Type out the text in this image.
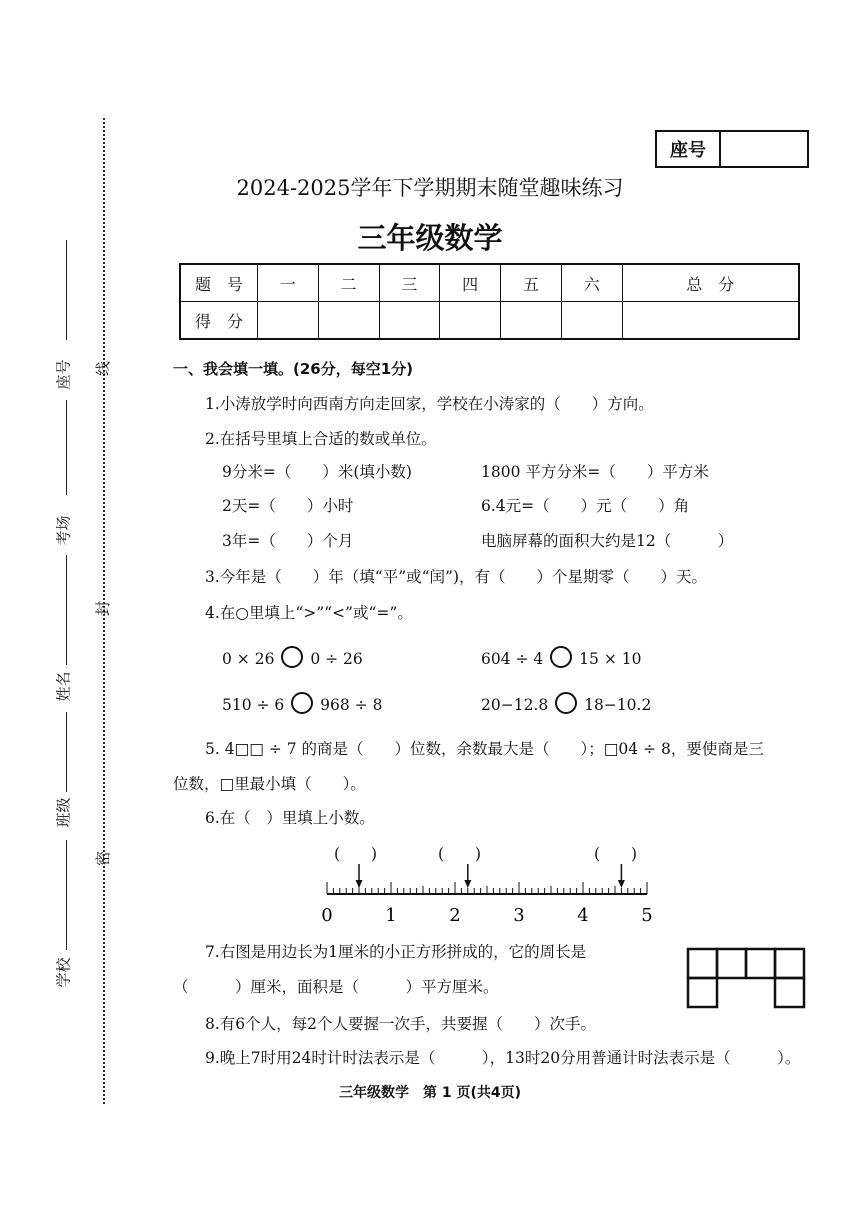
线
封
密
座号
考场
姓名
班级
学校
座号
2024-2025学年下学期期末随堂趣味练习
三年级数学
题　号	一	二	三	四	五	六	总　分
得　分							
一、我会填一填。(26分，每空1分)
1.小涛放学时向西南方向走回家，学校在小涛家的（　　）方向。
2.在括号里填上合适的数或单位。
9分米=（　　）米(填小数)	1800 平方分米=（　　）平方米
2天=（　　）小时	6.4元=（　　）元（　　）角
3年=（　　）个月	电脑屏幕的面积大约是12（　　　）
3.今年是（　　）年（填“平”或“闰”)，有（　　）个星期零（　　）天。
4.在○里填上“>”“<”或“=”。
0 × 26 0 ÷ 26	604 ÷ 4 15 × 10
510 ÷ 6 968 ÷ 8	20−12.8 18−10.2
5. 4□□ ÷ 7 的商是（　　）位数，余数最大是（　　）；□04 ÷ 8，要使商是三
位数，□里最小填（　　）。
6.在（　）里填上小数。
(　　)	(　　)	(　　)
0	1	2	3	4	5
7.右图是用边长为1厘米的小正方形拼成的，它的周长是
（　　　）厘米，面积是（　　　）平方厘米。
8.有6个人，每2个人要握一次手，共要握（　　）次手。
9.晚上7时用24时计时法表示是（　　　），13时20分用普通计时法表示是（　　　）。
三年级数学　第 1 页(共4页)
